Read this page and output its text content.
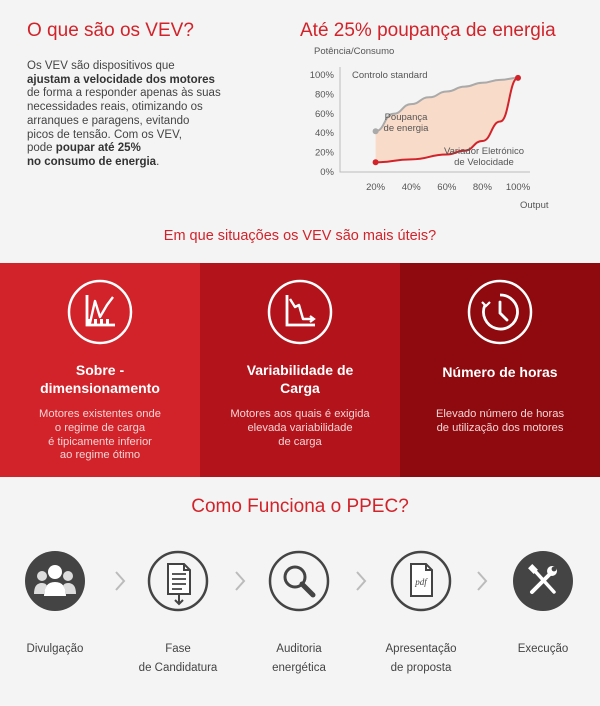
O que são os VEV?
Os VEV são dispositivos que
ajustam a velocidade dos motores
de forma a responder apenas às suas
necessidades reais, otimizando os
arranques e paragens, evitando
picos de tensão. Com os VEV,
pode poupar até 25%
no consumo de energia.
Até 25% poupança de energia
0%
20%
40%
60%
80%
100%
20% 40% 60% 80% 100%
Potência/Consumo
Output
Controlo standard
Poupança
de energia
Variador Eletrónico
de Velocidade
Em que situações os VEV são mais úteis?
Sobre -
dimensionamento
Motores existentes onde
o regime de carga
é tipicamente inferior
ao regime ótimo
Variabilidade de
Carga
Motores aos quais é exigida
elevada variabilidade
de carga
Número de horas
Elevado número de horas
de utilização dos motores
Como Funciona o PPEC?
Divulgação	Fase
de Candidatura
Auditoria
energética
pdf
Apresentação
de proposta
Execução
